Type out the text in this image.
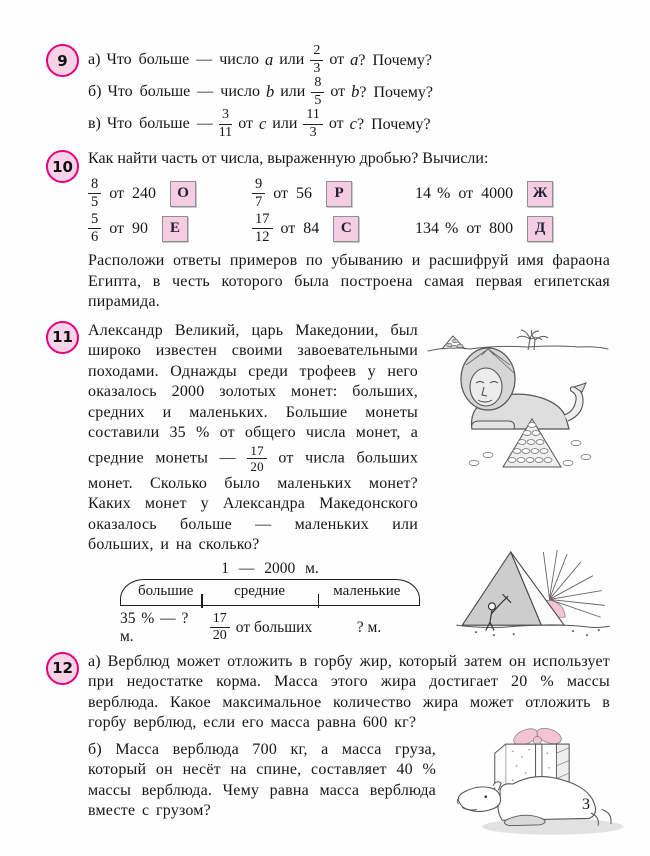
9	а) Что больше — число a или $\frac{2}{3}$ от a? Почему?
б) Что больше — число b или $\frac{8}{5}$ от b? Почему?
в) Что больше — $\frac{3}{11}$ от c или $\frac{11}{3}$ от c? Почему?
10 Как найти часть от числа, выраженную дробью? Вычисли:
$\frac{8}{5}$ от 240	О	$\frac{9}{7}$ от 56	Р	14 % от 4000	Ж
$\frac{5}{6}$ от 90	Е	$\frac{17}{12}$ от 84	С	134 % от 800	Д

Расположи ответы примеров по убыванию и расшифруй имя фараона Египта, в честь которого была построена самая первая египетская пирамида.

11 Александр Великий, царь Македонии, был широко известен своими завоевательными походами. Однажды среди трофеев у него оказалось 2000 золотых монет: больших, средних и маленьких. Большие монеты составили 35 % от общего числа монет, а средние монеты — $\frac{17}{20}$ от числа больших монет. Сколько было маленьких монет? Каких монет у Александра Македонского оказалось больше — маленьких или больших, и на сколько?

1 — 2000 м.
большие	средние	маленькие
35 % — ? м.	$\frac{17}{20}$ от больших	? м.
12 а) Верблюд может отложить в горбу жир, который затем он использует при недостатке корма. Масса этого жира достигает 20 % массы верблюда. Какое максимальное количество жира может отложить в горбу верблюд, если его масса равна 600 кг?

б) Масса верблюда 700 кг, а масса груза, который он несёт на спине, составляет 40 % массы верблюда. Чему равна масса верблюда вместе с грузом?	3
